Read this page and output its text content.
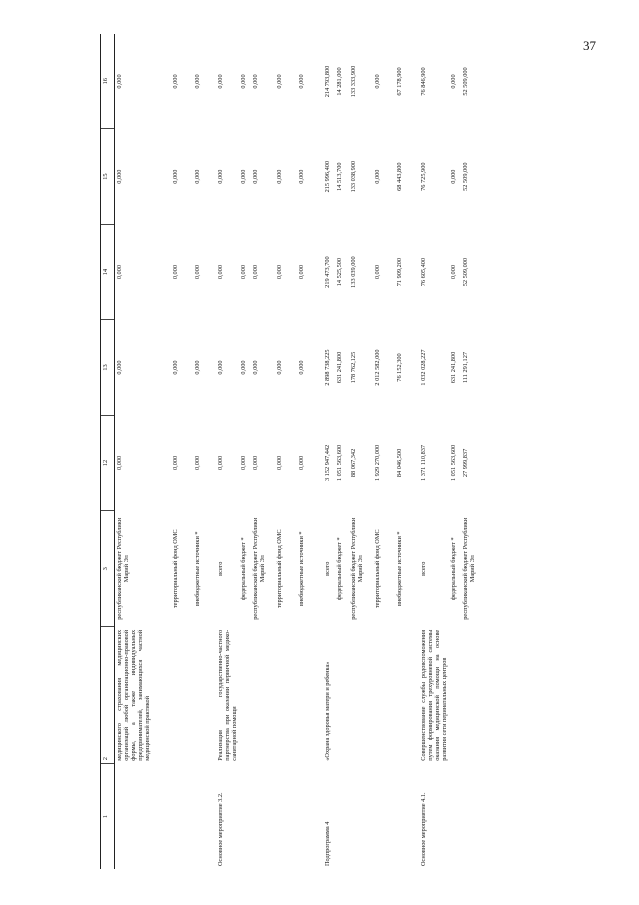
37
1	2	3	12	13	14	15	16
	медицинского страхования медицинских организаций любой организационно-правовой формы, а также индивидуальных предпринимателей, занимающихся частной медицинской практикой	республиканский бюджет Республики Марий Эл	0,000	0,000	0,000	0,000	0,000
		территориальный фонд ОМС	0,000	0,000	0,000	0,000	0,000
		внебюджетные источники *	0,000	0,000	0,000	0,000	0,000
Основное мероприятие 3.2.	Реализация государственно-частного партнерства при оказании первичной медико-санитарной помощи	всего	0,000	0,000	0,000	0,000	0,000
		федеральный бюджет *	0,000	0,000	0,000	0,000	0,000
		республиканский бюджет Республики Марий Эл	0,000	0,000	0,000	0,000	0,000
		территориальный фонд ОМС	0,000	0,000	0,000	0,000	0,000
		внебюджетные источники *	0,000	0,000	0,000	0,000	0,000
Подпрограмма 4	«Охрана здоровья матери и ребенка»	всего	3 152 947,442	2 898 738,225	219 473,700	215 996,400	214 793,800
		федеральный бюджет *	1 051 563,600	631 241,800	14 525,500	14 513,700	14 281,000
		республиканский бюджет Республики Марий Эл	88 067,342	178 762,125	133 039,000	133 038,900	133 333,900
		территориальный фонд ОМС	1 929 270,000	2 012 582,000	0,000	0,000	0,000
		внебюджетные источники *	84 046,500	76 152,300	71 909,200	68 443,800	67 178,900
Основное мероприятие 4.1.	Совершенствование службы родовспоможения путем формирования трехуровневой системы оказания медицинской помощи на основе развития сети перинатальных центров	всего	1 371 110,837	1 032 028,227	76 605,400	76 725,900	76 846,900
		федеральный бюджет *	1 051 563,600	631 241,800	0,000	0,000	0,000
		республиканский бюджет Республики Марий Эл	27 999,837	111 291,127	52 509,000	52 509,000	52 509,000
